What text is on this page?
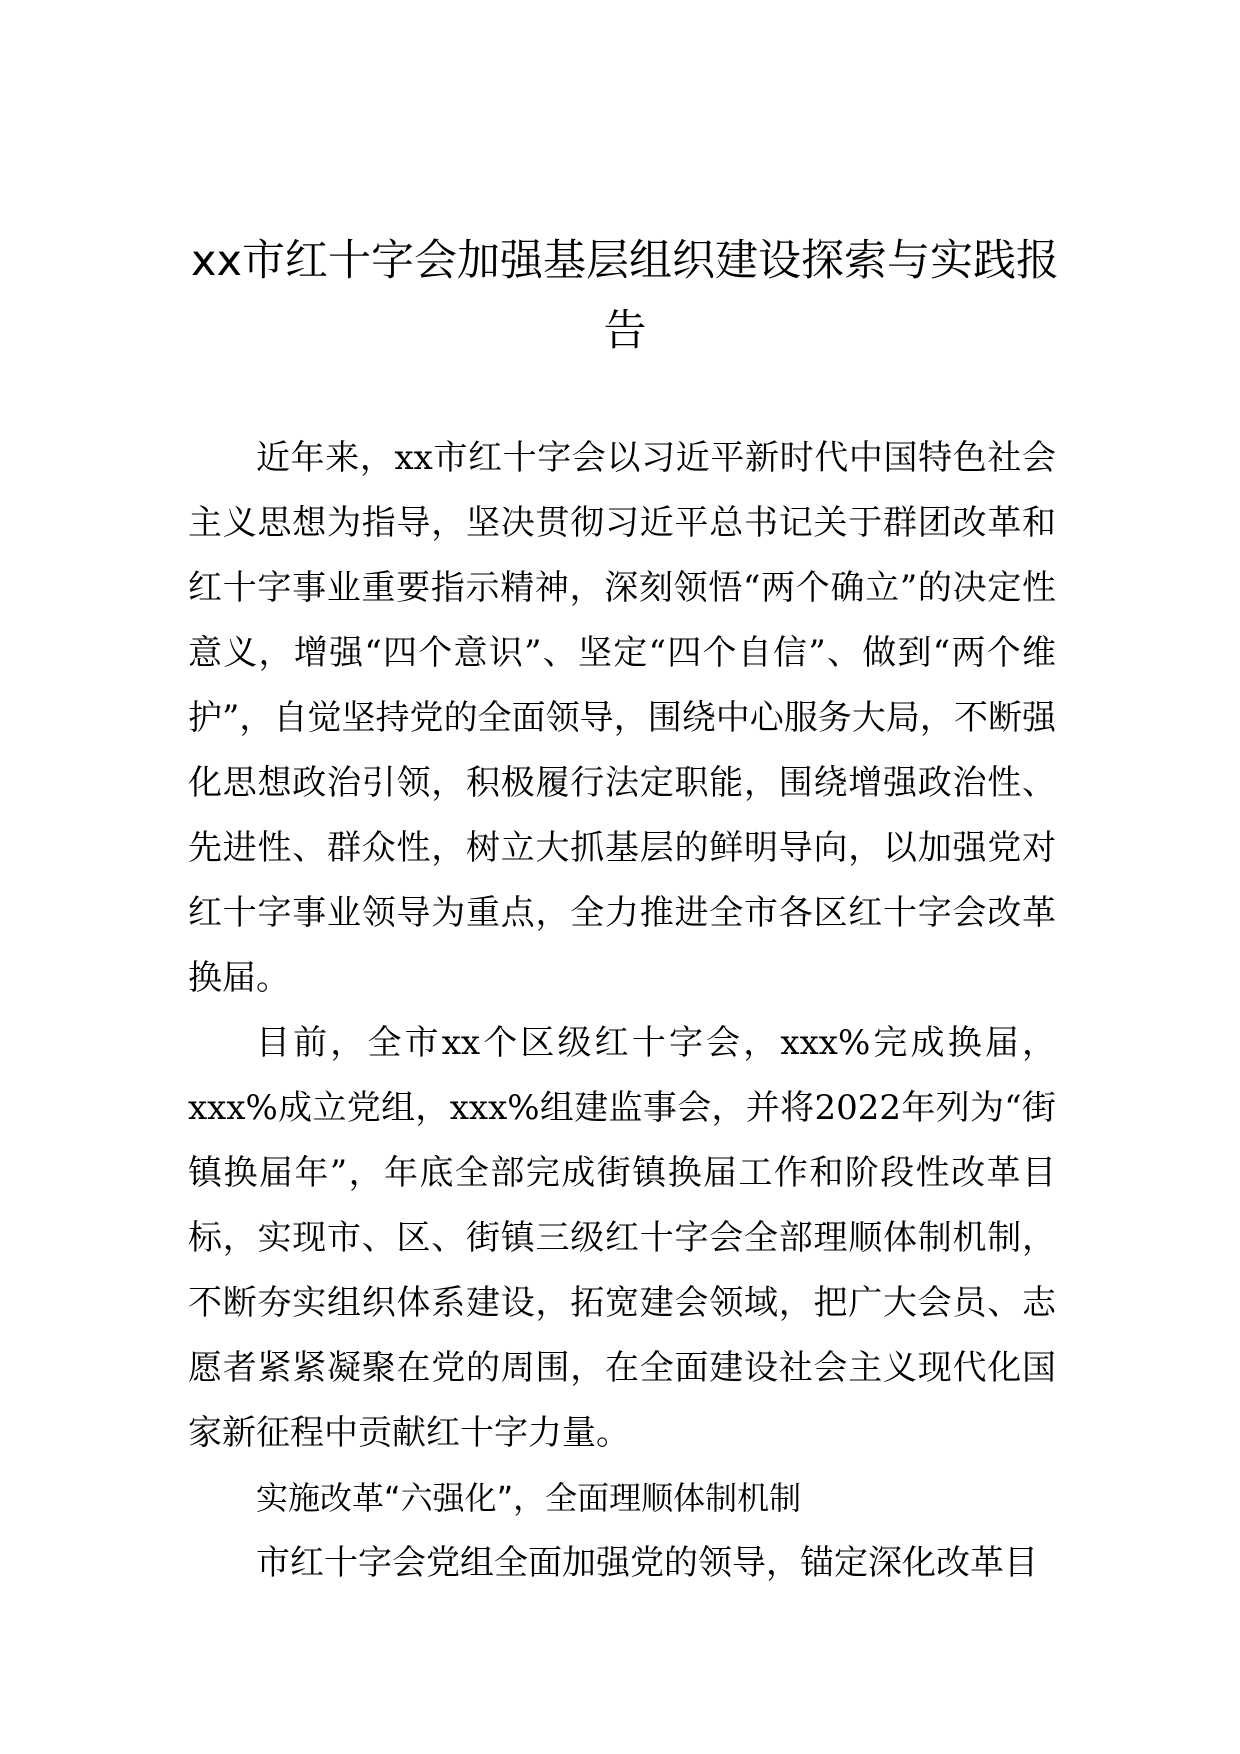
xx市红十字会加强基层组织建设探索与实践报告

近年来，xx市红十字会以习近平新时代中国特色社会主义思想为指导，坚决贯彻习近平总书记关于群团改革和红十字事业重要指示精神，深刻领悟“两个确立”的决定性意义，增强“四个意识”、坚定“四个自信”、做到“两个维护”，自觉坚持党的全面领导，围绕中心服务大局，不断强化思想政治引领，积极履行法定职能，围绕增强政治性、先进性、群众性，树立大抓基层的鲜明导向，以加强党对红十字事业领导为重点，全力推进全市各区红十字会改革换届。

目前，全市xx个区级红十字会，xxx%完成换届，xxx%成立党组，xxx%组建监事会，并将2022年列为“街镇换届年”，年底全部完成街镇换届工作和阶段性改革目标，实现市、区、街镇三级红十字会全部理顺体制机制，不断夯实组织体系建设，拓宽建会领域，把广大会员、志愿者紧紧凝聚在党的周围，在全面建设社会主义现代化国家新征程中贡献红十字力量。

实施改革“六强化”，全面理顺体制机制

市红十字会党组全面加强党的领导，锚定深化改革目
